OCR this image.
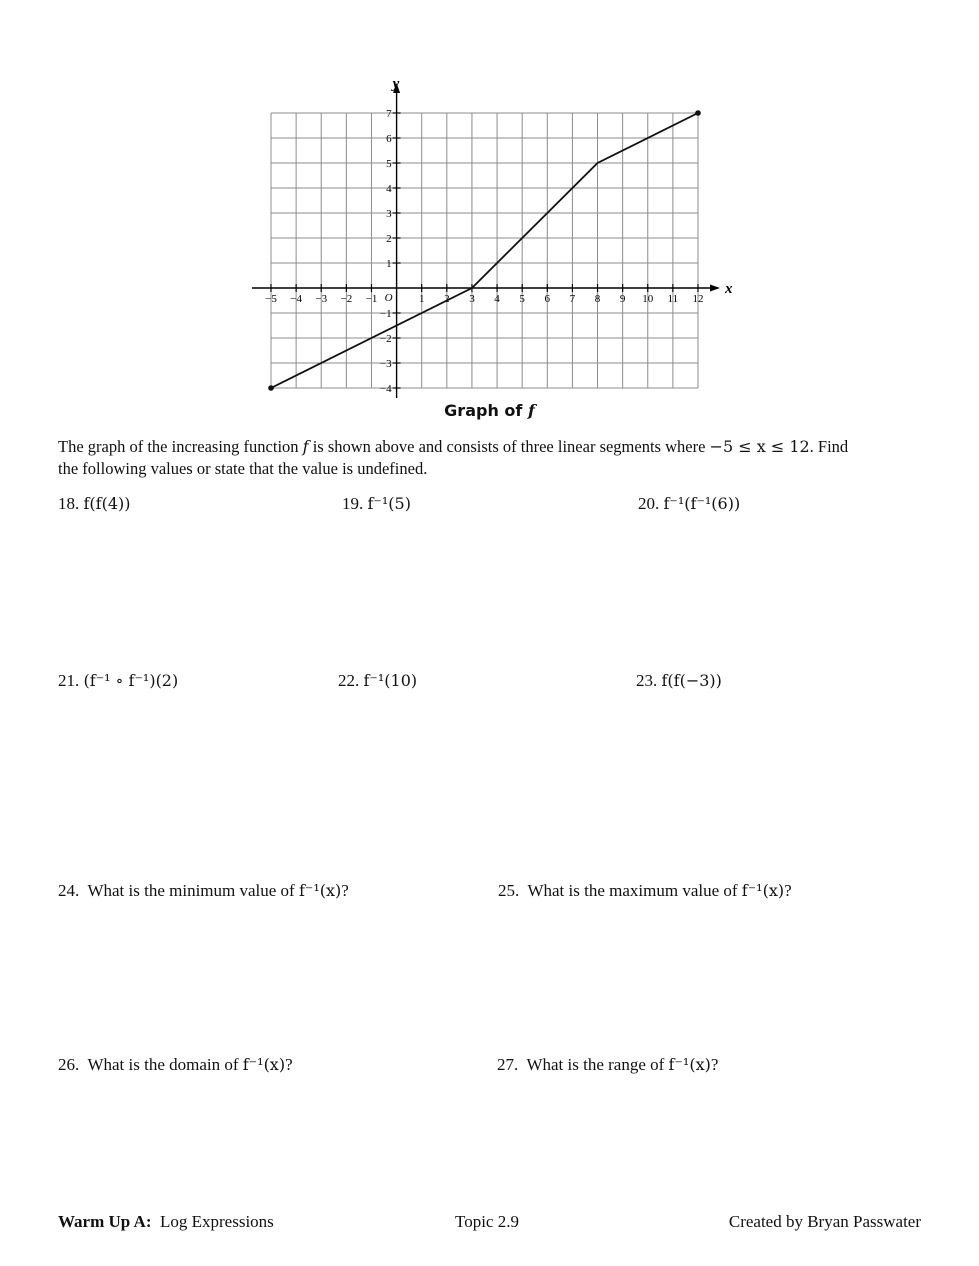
−5 −4 −3 −2 −1	1 2 3 4 5 6 7 8 9 10 11 12
−4
−3
−2
−1
1
2
3
4
5
6
7
x
y
O
Graph of f

The graph of the increasing function f is shown above and consists of three linear segments where −5 ≤ x ≤ 12. Find

the following values or state that the value is undefined.

18. f(f(4))	19. f⁻¹(5)	20. f⁻¹(f⁻¹(6))
21. (f⁻¹ ∘ f⁻¹)(2)	22. f⁻¹(10)	23. f(f(−3))
24. What is the minimum value of f⁻¹(x)?	25. What is the maximum value of f⁻¹(x)?
26. What is the domain of f⁻¹(x)?	27. What is the range of f⁻¹(x)?
Warm Up A: Log Expressions	Topic 2.9	Created by Bryan Passwater
